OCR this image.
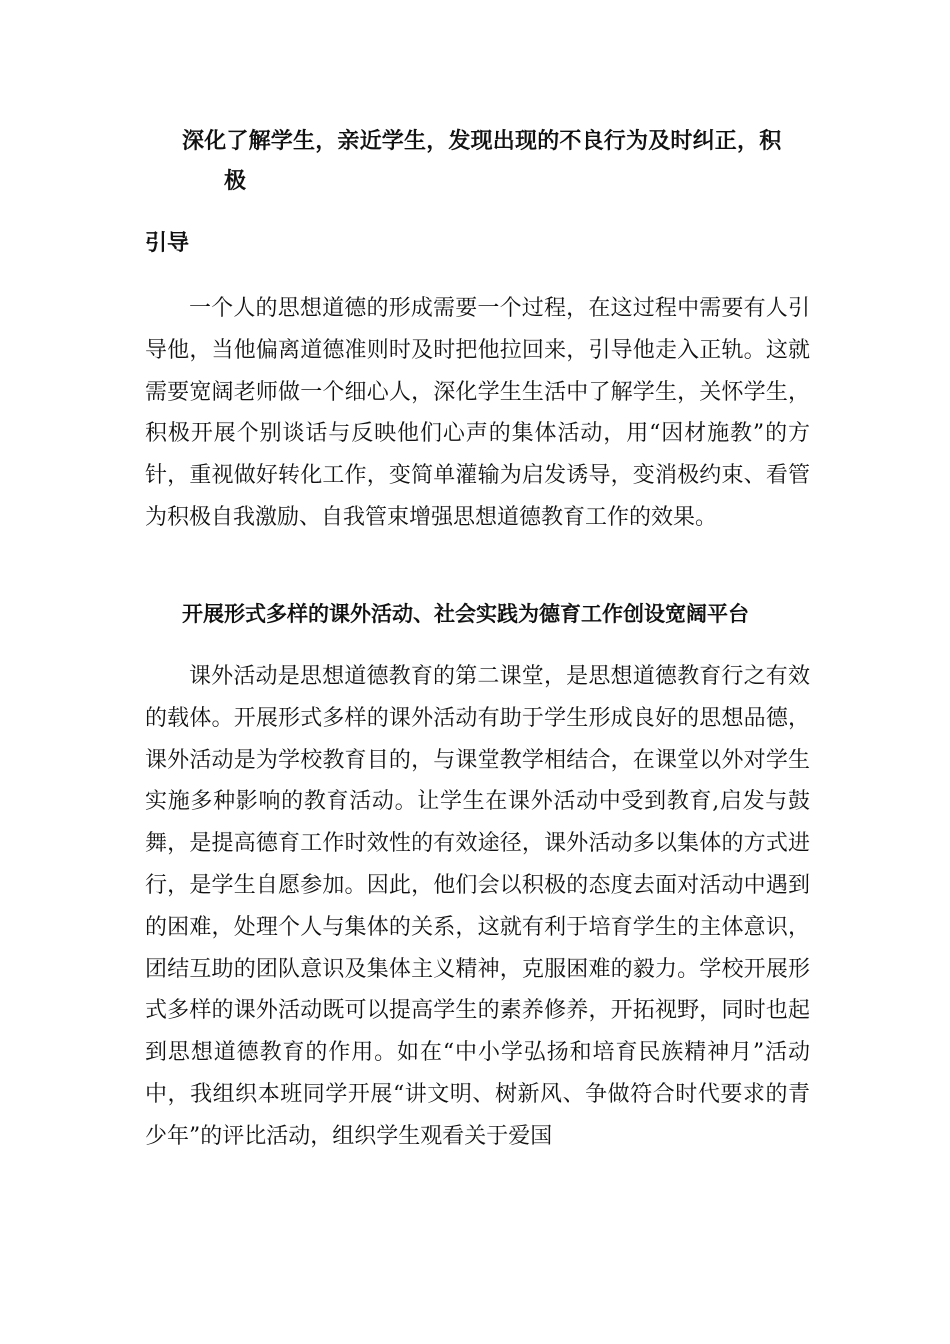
深化了解学生，亲近学生，发现出现的不良行为及时纠正，积
极
引导

一个人的思想道德的形成需要一个过程，在这过程中需要有人引导他，当他偏离道德准则时及时把他拉回来，引导他走入正轨。这就需要宽阔老师做一个细心人，深化学生生活中了解学生，关怀学生，积极开展个别谈话与反映他们心声的集体活动，用“因材施教”的方针，重视做好转化工作，变简单灌输为启发诱导，变消极约束、看管为积极自我激励、自我管束增强思想道德教育工作的效果。

开展形式多样的课外活动、社会实践为德育工作创设宽阔平台

课外活动是思想道德教育的第二课堂，是思想道德教育行之有效的载体。开展形式多样的课外活动有助于学生形成良好的思想品德，课外活动是为学校教育目的，与课堂教学相结合，在课堂以外对学生实施多种影响的教育活动。让学生在课外活动中受到教育,启发与鼓舞，是提高德育工作时效性的有效途径，课外活动多以集体的方式进行，是学生自愿参加。因此，他们会以积极的态度去面对活动中遇到的困难，处理个人与集体的关系，这就有利于培育学生的主体意识，团结互助的团队意识及集体主义精神，克服困难的毅力。学校开展形式多样的课外活动既可以提高学生的素养修养，开拓视野，同时也起到思想道德教育的作用。如在“中小学弘扬和培育民族精神月”活动中，我组织本班同学开展“讲文明、树新风、争做符合时代要求的青少年”的评比活动，组织学生观看关于爱国
